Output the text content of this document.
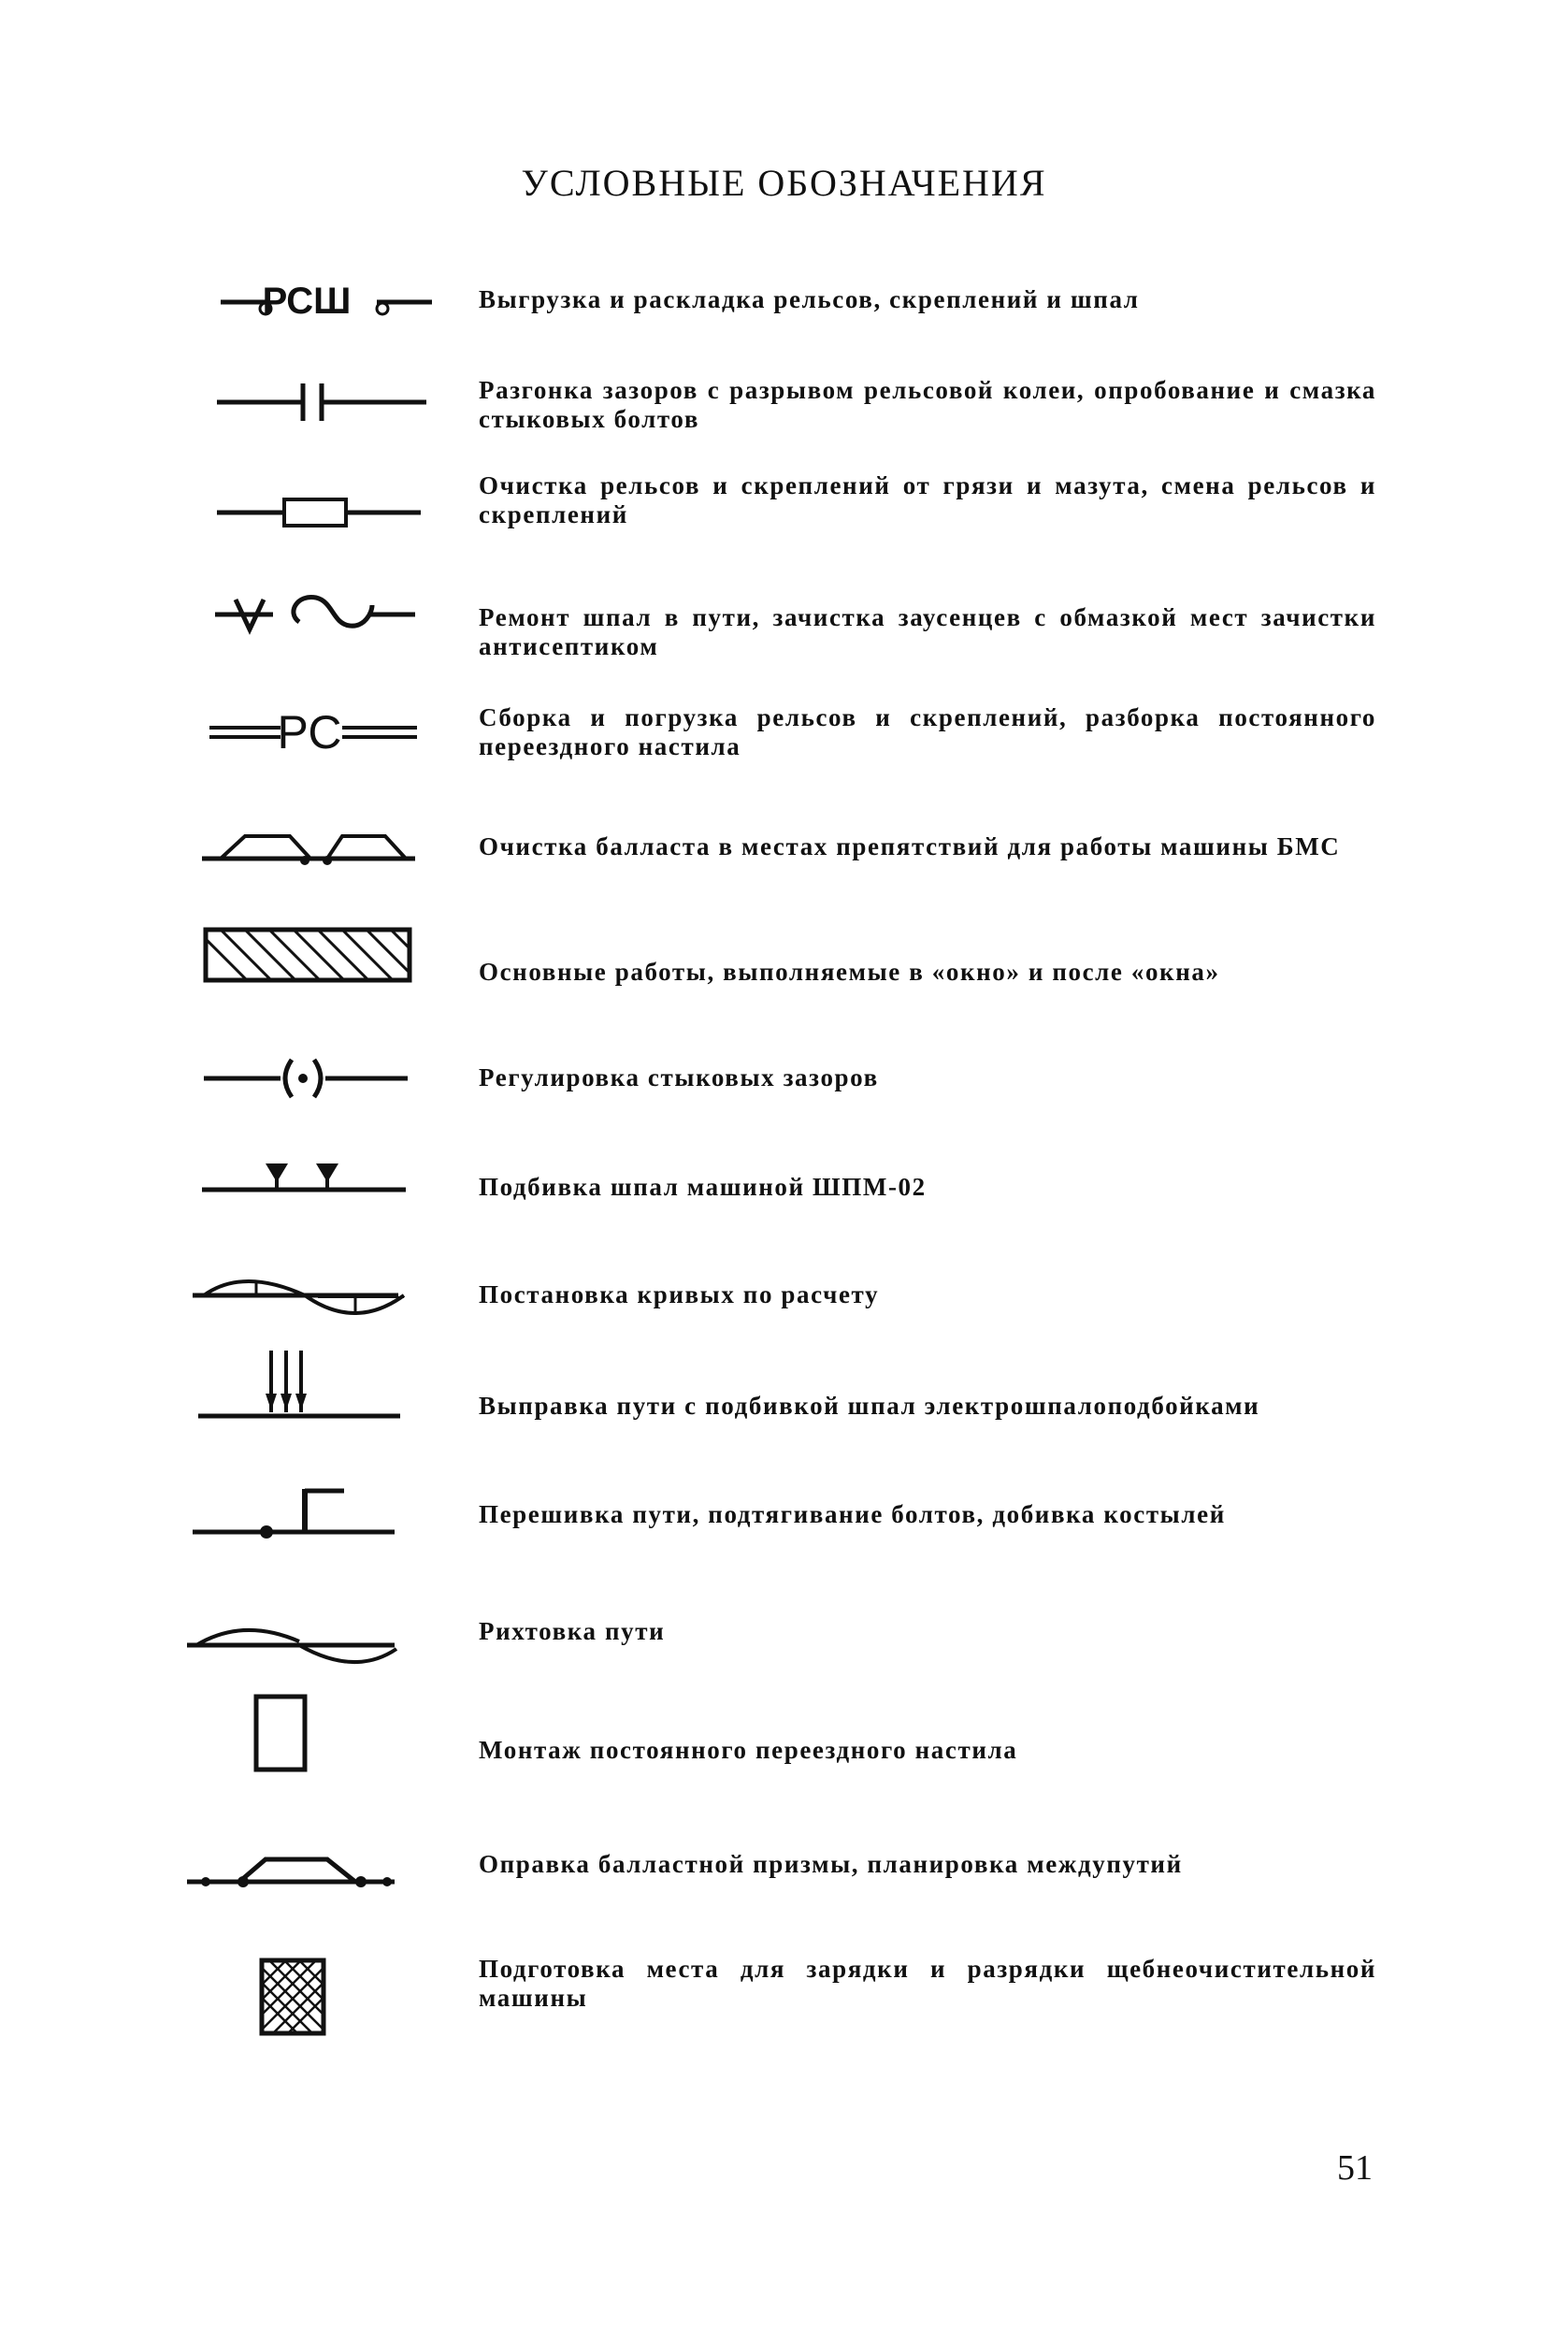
УСЛОВНЫЕ ОБОЗНАЧЕНИЯ
РСШ	Выгрузка и раскладка рельсов, скреплений и шпал
Разгонка зазоров с разрывом рельсовой колеи, опробование и смазка стыковых болтов
Очистка рельсов и скреплений от грязи и мазута, смена рельсов и скреплений
Ремонт шпал в пути, зачистка заусенцев с обмазкой мест зачистки антисептиком
РС	Сборка и погрузка рельсов и скреплений, разборка постоянного переездного настила
Очистка балласта в местах препятствий для работы машины БМС
Основные работы, выполняемые в «окно» и после «окна»
Регулировка стыковых зазоров
Подбивка шпал машиной ШПМ-02
Постановка кривых по расчету
Выправка пути с подбивкой шпал электрошпалоподбойками
Перешивка пути, подтягивание болтов, добивка костылей
Рихтовка пути
Монтаж постоянного переездного настила
Оправка балластной призмы, планировка междупутий
Подготовка места для зарядки и разрядки щебнеочистительной машины
51
